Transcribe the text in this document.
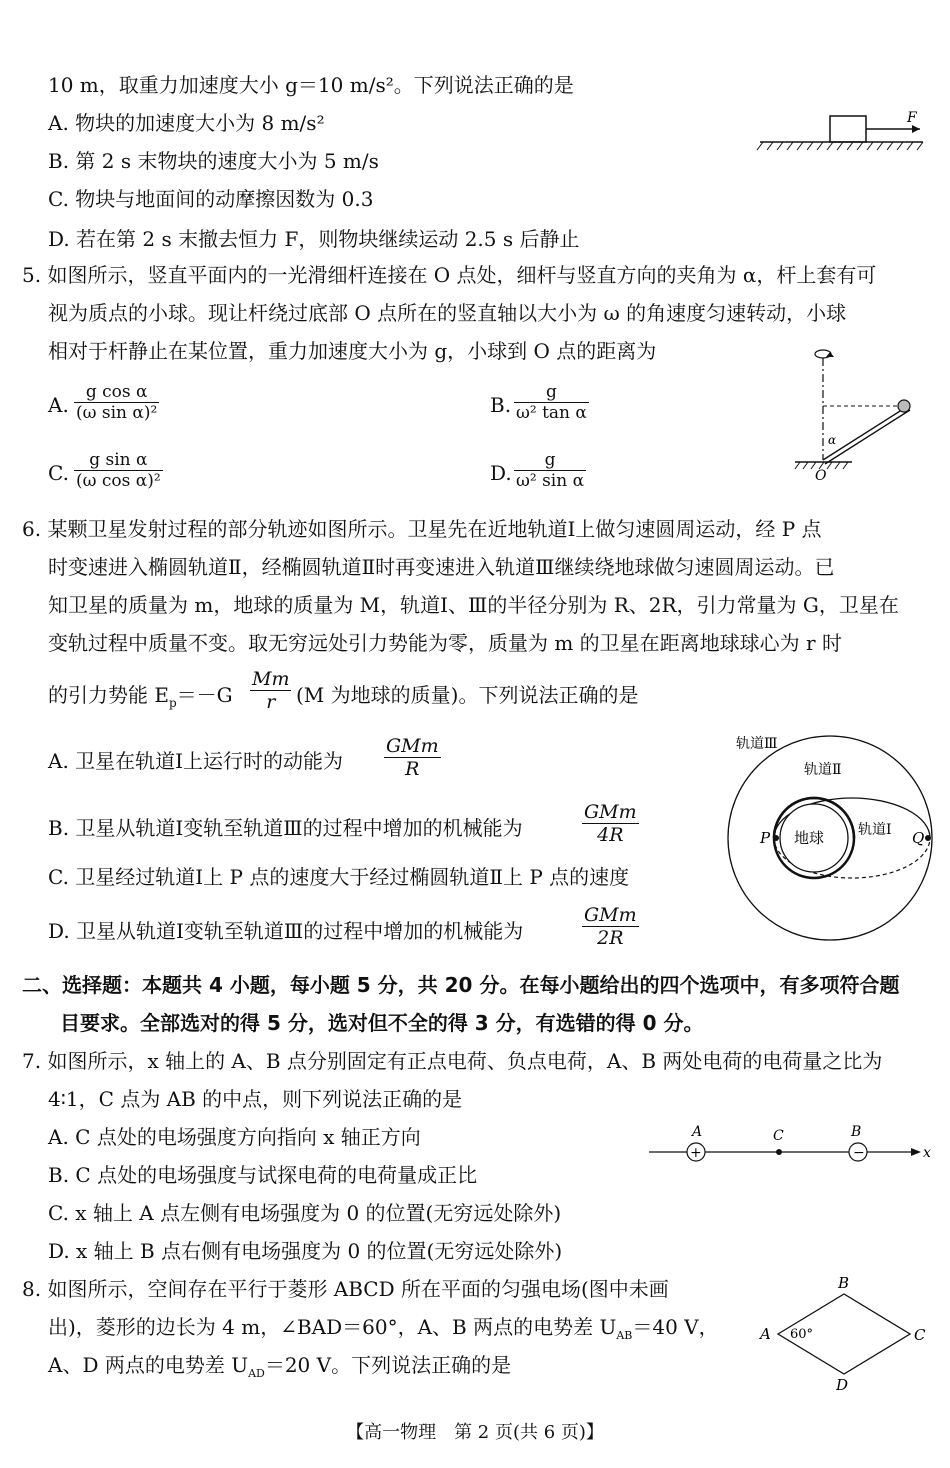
10 m，取重力加速度大小 g＝10 m/s²。下列说法正确的是
A. 物块的加速度大小为 8 m/s²
B. 第 2 s 末物块的速度大小为 5 m/s
C. 物块与地面间的动摩擦因数为 0.3
D. 若在第 2 s 末撤去恒力 F，则物块继续运动 2.5 s 后静止
F
5. 如图所示，竖直平面内的一光滑细杆连接在 O 点处，细杆与竖直方向的夹角为 α，杆上套有可
视为质点的小球。现让杆绕过底部 O 点所在的竖直轴以大小为 ω 的角速度匀速转动，小球
相对于杆静止在某位置，重力加速度大小为 g，小球到 O 点的距离为
A. $\frac{\text{g cos α}}{\text{(ω sin α)²}}$	B. $\frac{g}{\text{ω² tan α}}$
C. $\frac{\text{g sin α}}{\text{(ω cos α)²}}$	D. $\frac{g}{\text{ω² sin α}}$
α
O
6. 某颗卫星发射过程的部分轨迹如图所示。卫星先在近地轨道Ⅰ上做匀速圆周运动，经 P 点
时变速进入椭圆轨道Ⅱ，经椭圆轨道Ⅱ时再变速进入轨道Ⅲ继续绕地球做匀速圆周运动。已
知卫星的质量为 m，地球的质量为 M，轨道Ⅰ、Ⅲ的半径分别为 R、2R，引力常量为 G，卫星在
变轨过程中质量不变。取无穷远处引力势能为零，质量为 m 的卫星在距离地球球心为 r 时
的引力势能 $E_p=-G \frac{Mm}{r} (M$ 为地球的质量)。下列说法正确的是
A. 卫星在轨道Ⅰ上运行时的动能为
GMm
R
B. 卫星从轨道Ⅰ变轨至轨道Ⅲ的过程中增加的机械能为
GMm
4R
C. 卫星经过轨道Ⅰ上 P 点的速度大于经过椭圆轨道Ⅱ上 P 点的速度
D. 卫星从轨道Ⅰ变轨至轨道Ⅲ的过程中增加的机械能为
GMm
2R
地球
P	Q
轨道Ⅰ
轨道Ⅱ
轨道Ⅲ
二、选择题：本题共 4 小题，每小题 5 分，共 20 分。在每小题给出的四个选项中，有多项符合题
目要求。全部选对的得 5 分，选对但不全的得 3 分，有选错的得 0 分。
7. 如图所示，x 轴上的 A、B 点分别固定有正点电荷、负点电荷，A、B 两处电荷的电荷量之比为
4∶1，C 点为 AB 的中点，则下列说法正确的是
A. C 点处的电场强度方向指向 x 轴正方向
B. C 点处的电场强度与试探电荷的电荷量成正比
C. x 轴上 A 点左侧有电场强度为 0 的位置(无穷远处除外)
D. x 轴上 B 点右侧有电场强度为 0 的位置(无穷远处除外)
x
+
A	C
−
B
8. 如图所示，空间存在平行于菱形 ABCD 所在平面的匀强电场(图中未画
出)，菱形的边长为 4 m，∠BAD＝60°，A、B 两点的电势差 $U_{AB}=40$ V，
A、D 两点的电势差 $U_{AD}=20$ V。下列说法正确的是
A
B
C
D
60°
【高一物理　第 2 页(共 6 页)】
